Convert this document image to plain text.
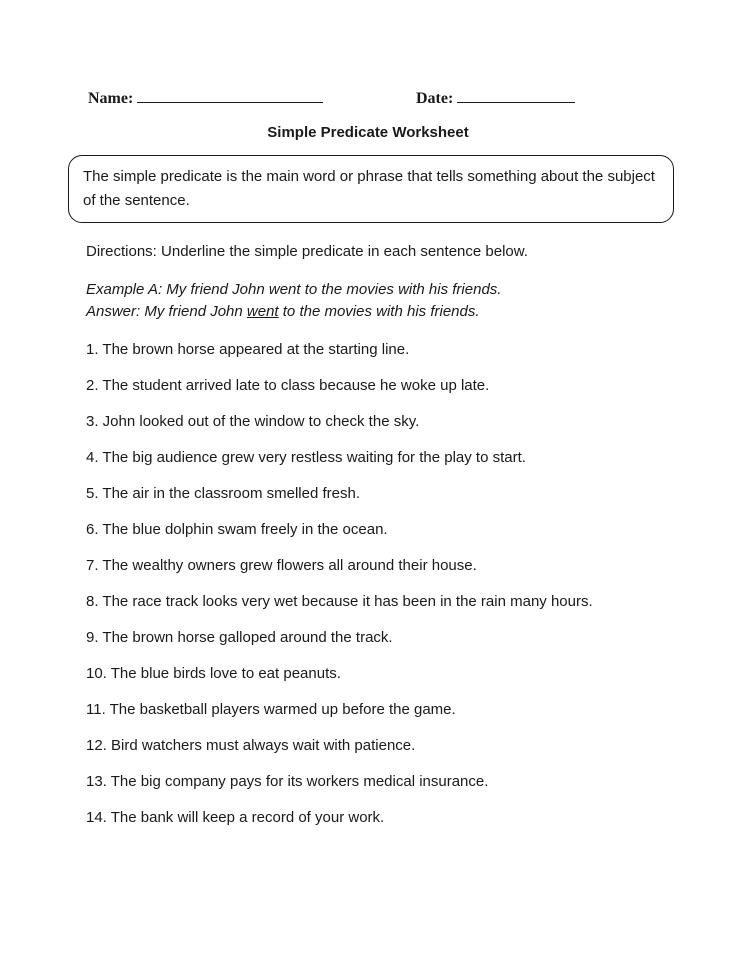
Name:	Date:
Simple Predicate Worksheet
The simple predicate is the main word or phrase that tells something about the subject of the sentence.
Directions: Underline the simple predicate in each sentence below.
Example A: My friend John went to the movies with his friends.
Answer: My friend John went to the movies with his friends.
1. The brown horse appeared at the starting line.
2. The student arrived late to class because he woke up late.
3. John looked out of the window to check the sky.
4. The big audience grew very restless waiting for the play to start.
5. The air in the classroom smelled fresh.
6. The blue dolphin swam freely in the ocean.
7. The wealthy owners grew flowers all around their house.
8. The race track looks very wet because it has been in the rain many hours.
9. The brown horse galloped around the track.
10. The blue birds love to eat peanuts.
11. The basketball players warmed up before the game.
12. Bird watchers must always wait with patience.
13. The big company pays for its workers medical insurance.
14. The bank will keep a record of your work.
